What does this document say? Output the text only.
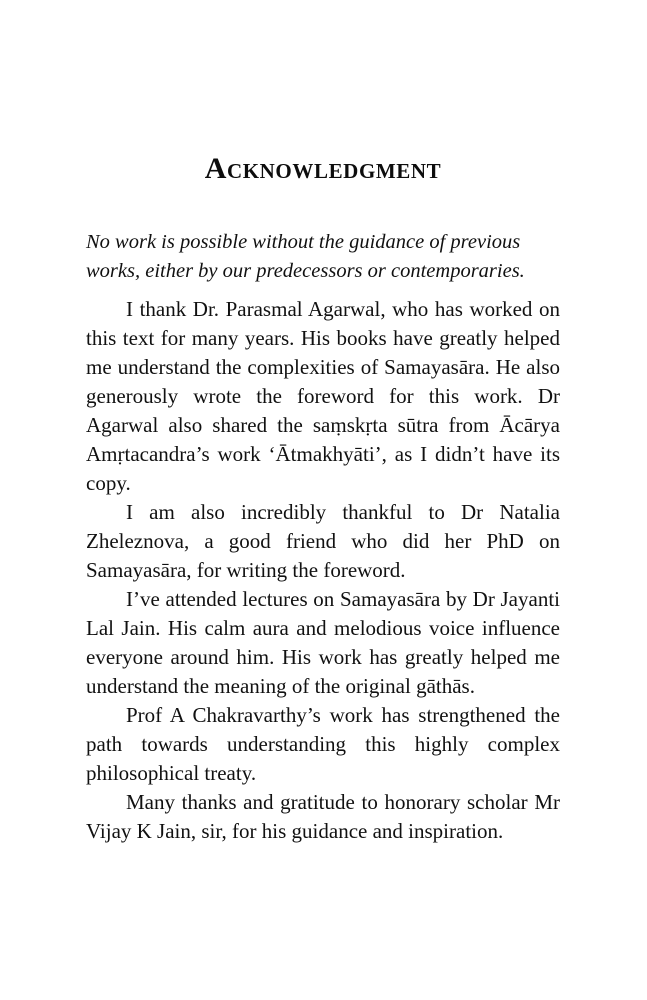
Acknowledgment
No work is possible without the guidance of previous works, either by our predecessors or contemporaries.

I thank Dr. Parasmal Agarwal, who has worked on this text for many years. His books have greatly helped me understand the complexities of Samayasāra. He also generously wrote the foreword for this work. Dr Agarwal also shared the saṃskṛta sūtra from Ācārya Amṛtacandra’s work ‘Ātmakhyāti’, as I didn’t have its copy.

I am also incredibly thankful to Dr Natalia Zheleznova, a good friend who did her PhD on Samayasāra, for writing the foreword.

I’ve attended lectures on Samayasāra by Dr Jayanti Lal Jain. His calm aura and melodious voice influence everyone around him. His work has greatly helped me understand the meaning of the original gāthās.

Prof A Chakravarthy’s work has strengthened the path towards understanding this highly complex philosophical treaty.

Many thanks and gratitude to honorary scholar Mr Vijay K Jain, sir, for his guidance and inspiration.
